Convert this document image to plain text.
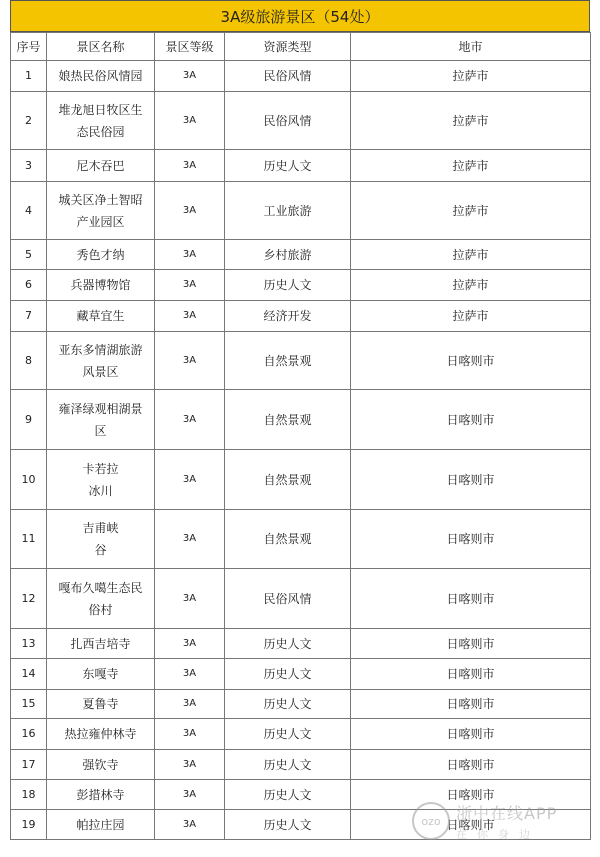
3A级旅游景区（54处）
序号	景区名称	景区等级	资源类型	地市
1	娘热民俗风情园	3A	民俗风情	拉萨市
2	堆龙旭日牧区生
态民俗园	3A	民俗风情	拉萨市
3	尼木吞巴	3A	历史人文	拉萨市
4	城关区净土智昭
产业园区	3A	工业旅游	拉萨市
5	秀色才纳	3A	乡村旅游	拉萨市
6	兵器博物馆	3A	历史人文	拉萨市
7	藏草宜生	3A	经济开发	拉萨市
8	亚东多情湖旅游
风景区	3A	自然景观	日喀则市
9	雍泽绿观相湖景
区	3A	自然景观	日喀则市
10	卡若拉
冰川	3A	自然景观	日喀则市
11	吉甫峡
谷	3A	自然景观	日喀则市
12	嘎布久噶生态民
俗村	3A	民俗风情	日喀则市
13	扎西吉培寺	3A	历史人文	日喀则市
14	东嘎寺	3A	历史人文	日喀则市
15	夏鲁寺	3A	历史人文	日喀则市
16	热拉雍仲林寺	3A	历史人文	日喀则市
17	强钦寺	3A	历史人文	日喀则市
18	彭措林寺	3A	历史人文	日喀则市
19	帕拉庄园	3A	历史人文	日喀则市
ozo 浙中在线APP
在你身边
